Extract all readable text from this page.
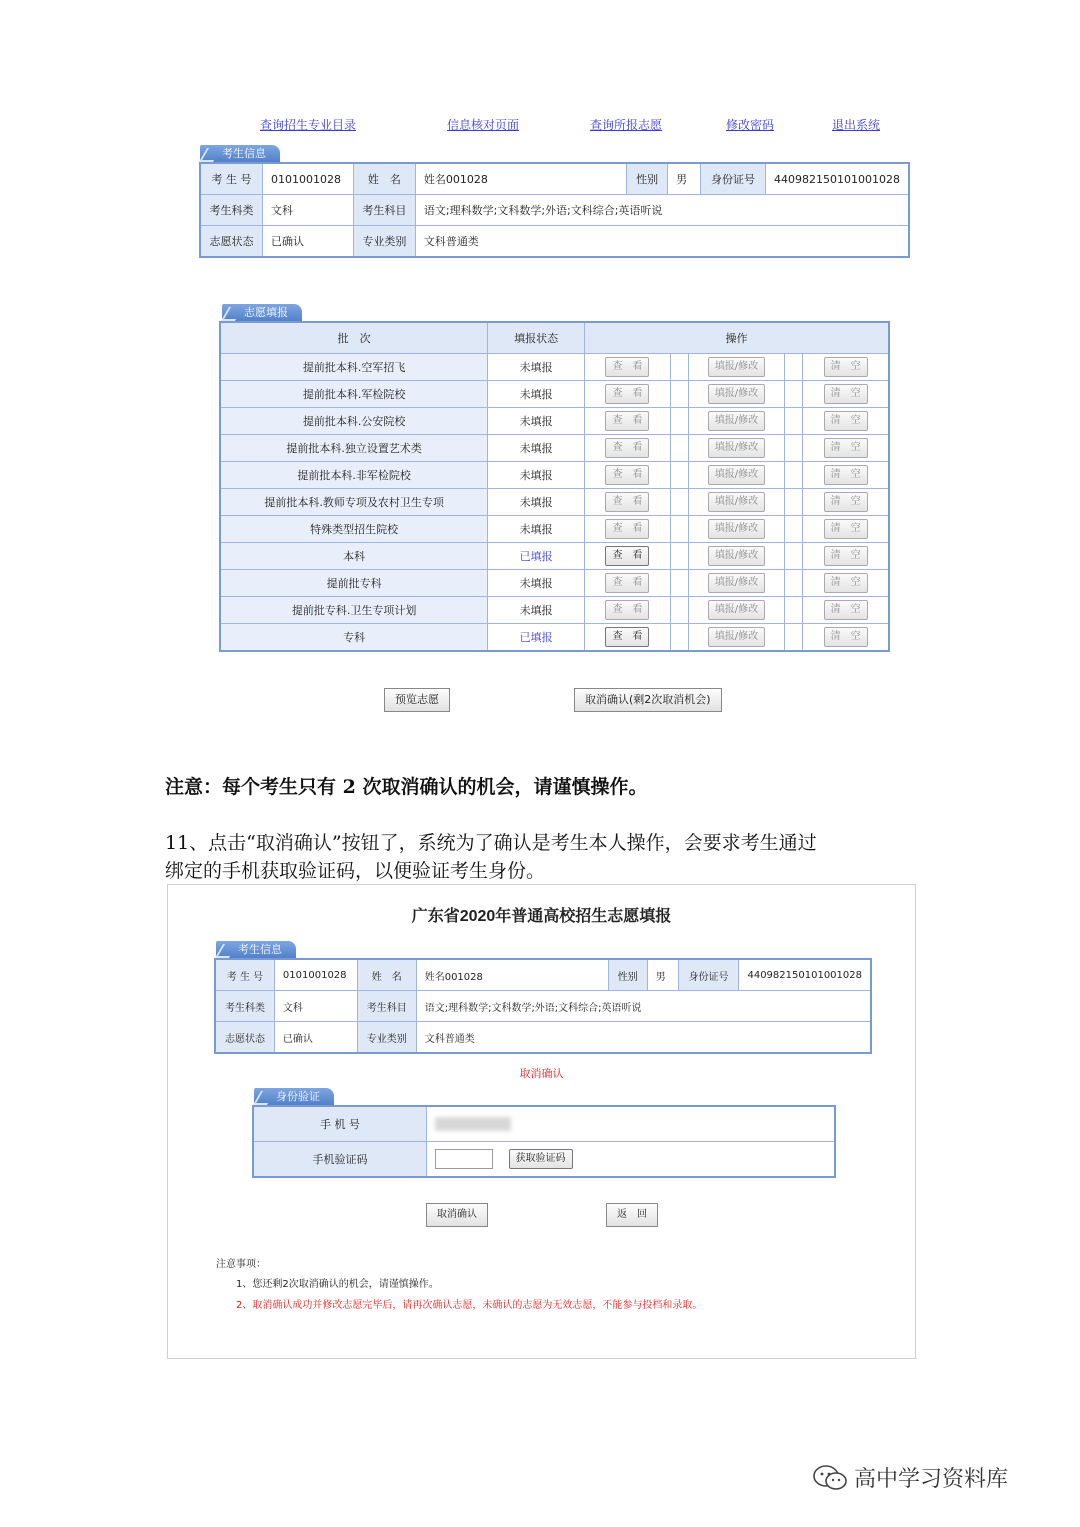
查询招生专业目录	信息核对页面	查询所报志愿	修改密码	退出系统
考生信息
考 生 号	0101001028	姓　名	姓名001028	性别	男	身份证号	440982150101001028
考生科类	文科	考生科目	语文;理科数学;文科数学;外语;文科综合;英语听说				
志愿状态	已确认	专业类别	文科普通类				
志愿填报
批　次	填报状态	操作				
提前批本科.空军招飞	未填报	查　看		填报/修改		清　空
提前批本科.军检院校	未填报	查　看		填报/修改		清　空
提前批本科.公安院校	未填报	查　看		填报/修改		清　空
提前批本科.独立设置艺术类	未填报	查　看		填报/修改		清　空
提前批本科.非军检院校	未填报	查　看		填报/修改		清　空
提前批本科.教师专项及农村卫生专项	未填报	查　看		填报/修改		清　空
特殊类型招生院校	未填报	查　看		填报/修改		清　空
本科	已填报	查　看		填报/修改		清　空
提前批专科	未填报	查　看		填报/修改		清　空
提前批专科.卫生专项计划	未填报	查　看		填报/修改		清　空
专科	已填报	查　看		填报/修改		清　空
预览志愿	取消确认(剩2次取消机会)
注意：每个考生只有 2 次取消确认的机会，请谨慎操作。
11、点击“取消确认”按钮了，系统为了确认是考生本人操作，会要求考生通过
绑定的手机获取验证码，以便验证考生身份。
广东省2020年普通高校招生志愿填报
考生信息
考 生 号	0101001028	姓　名	姓名001028	性别	男	身份证号	440982150101001028
考生科类	文科	考生科目	语文;理科数学;文科数学;外语;文科综合;英语听说				
志愿状态	已确认	专业类别	文科普通类				
取消确认
身份验证
手 机 号	
手机验证码	获取验证码
取消确认	返　回
注意事项：
1、您还剩2次取消确认的机会，请谨慎操作。
2、取消确认成功并修改志愿完毕后，请再次确认志愿，未确认的志愿为无效志愿，不能参与投档和录取。
高中学习资料库
